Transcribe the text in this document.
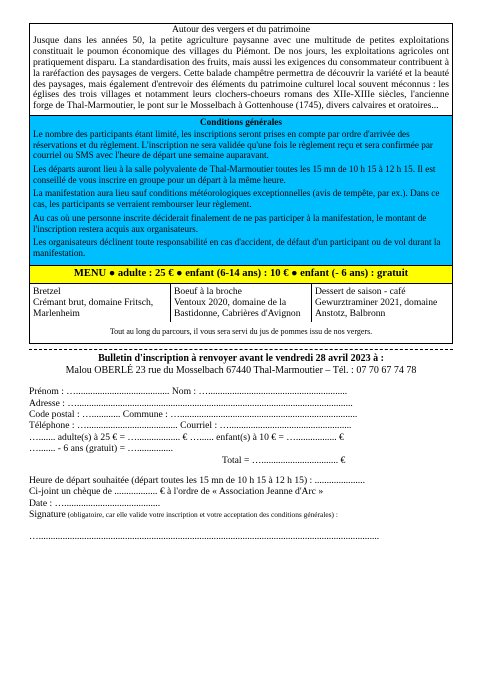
Autour des vergers et du patrimoine
Jusque dans les années 50, la petite agriculture paysanne avec une multitude de petites exploitations constituait le poumon économique des villages du Piémont. De nos jours, les exploitations agricoles ont pratiquement disparu. La standardisation des fruits, mais aussi les exigences du consommateur contribuent à la raréfaction des paysages de vergers. Cette balade champêtre permettra de découvrir la variété et la beauté des paysages, mais également d'entrevoir des éléments du patrimoine culturel local souvent méconnus : les églises des trois villages et notamment leurs clochers-choeurs romans des XIIe-XIIIe siècles, l'ancienne forge de Thal-Marmoutier, le pont sur le Mosselbach à Gottenhouse (1745), divers calvaires et oratoires...
Conditions générales

Le nombre des participants étant limité, les inscriptions seront prises en compte par ordre d'arrivée des réservations et du règlement. L'inscription ne sera validée qu'une fois le règlement reçu et sera confirmée par courriel ou SMS avec l'heure de départ une semaine auparavant.

Les départs auront lieu à la salle polyvalente de Thal-Marmoutier toutes les 15 mn de 10 h 15 à 12 h 15. Il est conseillé de vous inscrire en groupe pour un départ à la même heure.

La manifestation aura lieu sauf conditions météorologiques exceptionnelles (avis de tempête, par ex.). Dans ce cas, les participants se verraient rembourser leur règlement.

Au cas où une personne inscrite déciderait finalement de ne pas participer à la manifestation, le montant de l'inscription restera acquis aux organisateurs.

Les organisateurs déclinent toute responsabilité en cas d'accident, de défaut d'un participant ou de vol durant la manifestation.

MENU ● adulte : 25 € ● enfant (6-14 ans) : 10 € ● enfant (- 6 ans) : gratuit
Bretzel
Crémant brut, domaine Fritsch, Marlenheim
Boeuf à la broche
Ventoux 2020, domaine de la Bastidonne, Cabrières d'Avignon
Dessert de saison - café
Gewurztraminer 2021, domaine Anstotz, Balbronn
Tout au long du parcours, il vous sera servi du jus de pommes issu de nos vergers.
Bulletin d'inscription à renvoyer avant le vendredi 28 avril 2023 à :
Malou OBERLÉ 23 rue du Mosselbach 67440 Thal-Marmoutier – Tél. : 07 70 67 74 78
Prénom : …....................................... Nom : …..........................................................
Adresse : …...................................................................................................................
Code postal : …............ Commune : …..........................................................................
Téléphone : …...................................... Courriel : …...................................................
…....... adulte(s) à 25 € = ….................. € …...... enfant(s) à 10 € = …................. €
…....... - 6 ans (gratuit) = …...............
Total = …................................ €
Heure de départ souhaitée (départ toutes les 15 mn de 10 h 15 à 12 h 15) : .....................
Ci-joint un chèque de .................. € à l'ordre de « Association Jeanne d'Arc »
Date : …........................................
Signature (obligatoire, car elle valide votre inscription et votre acceptation des conditions générales) :
…..............................................................................................................................................
